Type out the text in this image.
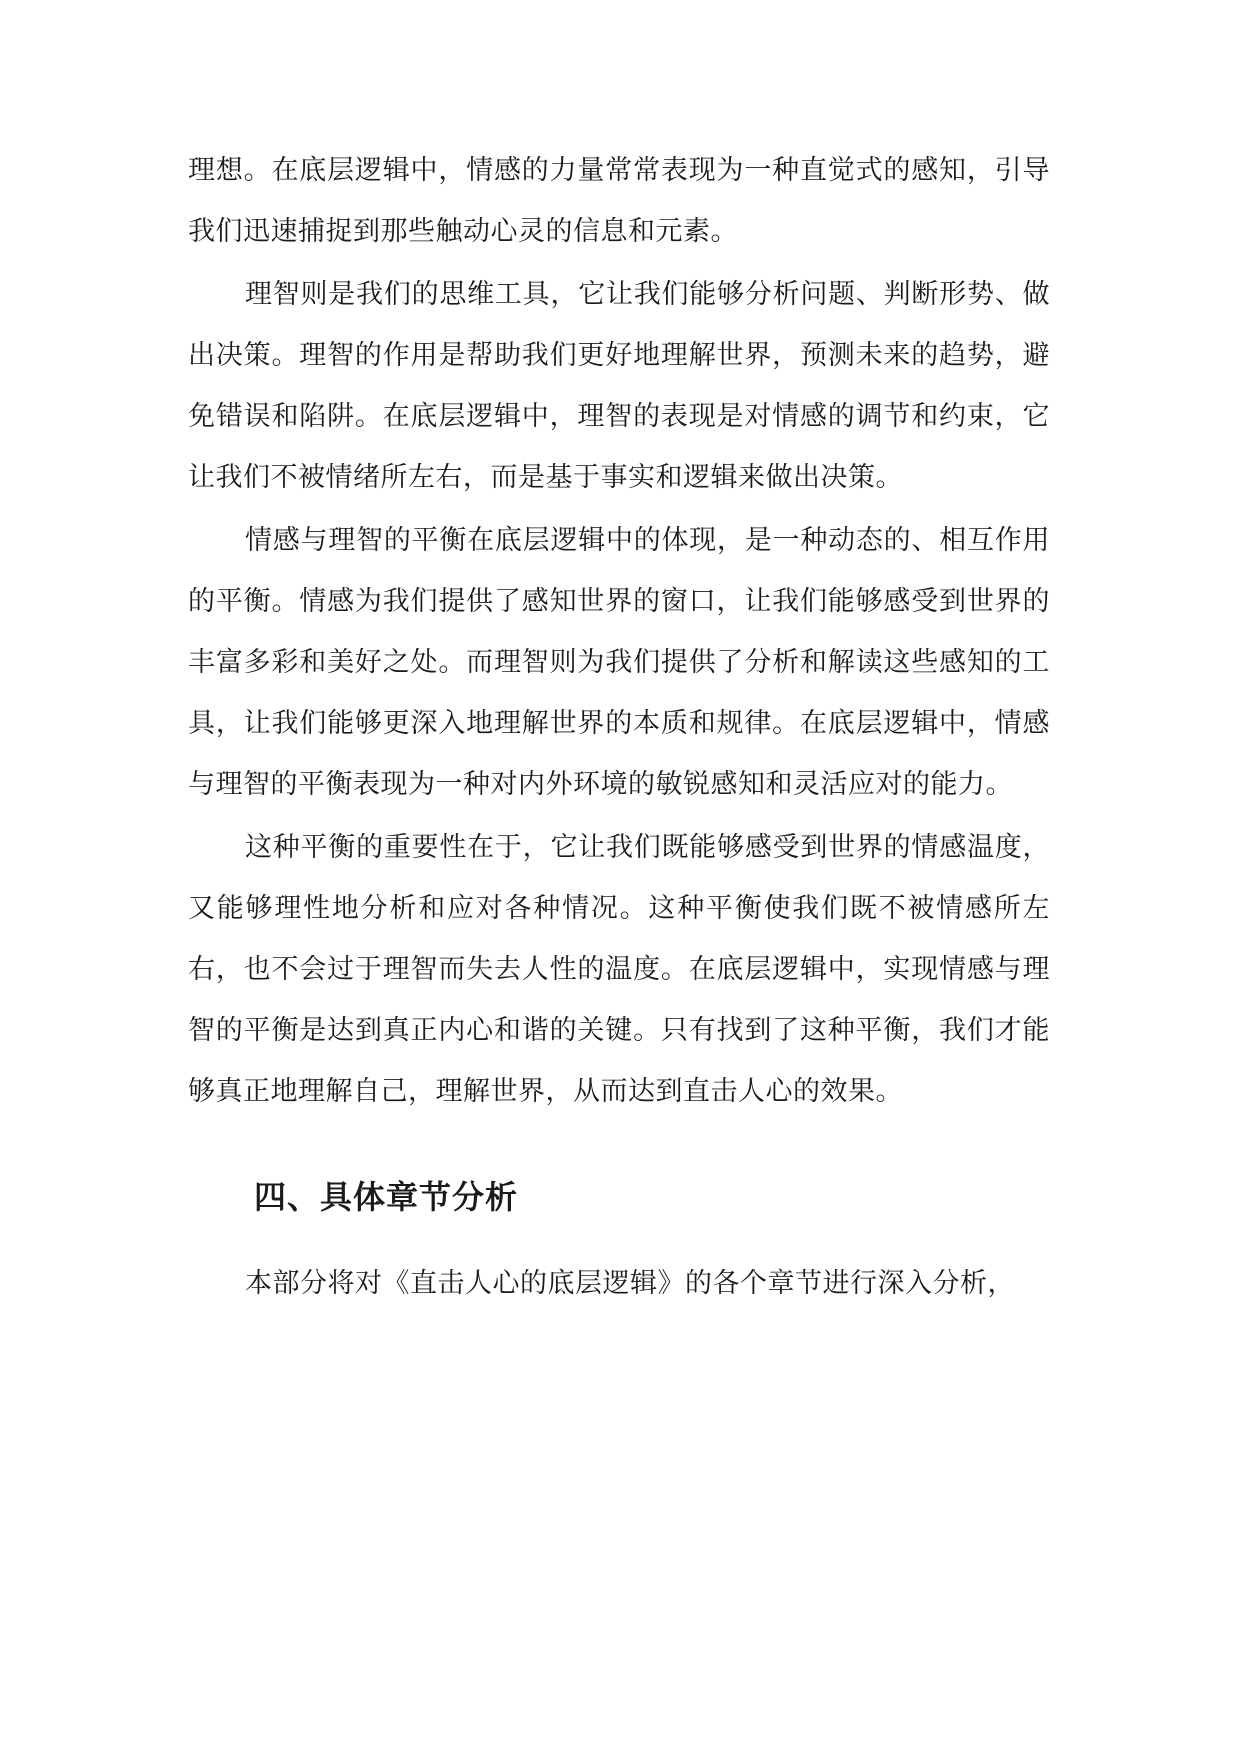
理想。在底层逻辑中，情感的力量常常表现为一种直觉式的感知，引导我们迅速捕捉到那些触动心灵的信息和元素。

理智则是我们的思维工具，它让我们能够分析问题、判断形势、做出决策。理智的作用是帮助我们更好地理解世界，预测未来的趋势，避免错误和陷阱。在底层逻辑中，理智的表现是对情感的调节和约束，它让我们不被情绪所左右，而是基于事实和逻辑来做出决策。

情感与理智的平衡在底层逻辑中的体现，是一种动态的、相互作用的平衡。情感为我们提供了感知世界的窗口，让我们能够感受到世界的丰富多彩和美好之处。而理智则为我们提供了分析和解读这些感知的工具，让我们能够更深入地理解世界的本质和规律。在底层逻辑中，情感与理智的平衡表现为一种对内外环境的敏锐感知和灵活应对的能力。

这种平衡的重要性在于，它让我们既能够感受到世界的情感温度，又能够理性地分析和应对各种情况。这种平衡使我们既不被情感所左右，也不会过于理智而失去人性的温度。在底层逻辑中，实现情感与理智的平衡是达到真正内心和谐的关键。只有找到了这种平衡，我们才能够真正地理解自己，理解世界，从而达到直击人心的效果。

四、具体章节分析

本部分将对《直击人心的底层逻辑》的各个章节进行深入分析，
